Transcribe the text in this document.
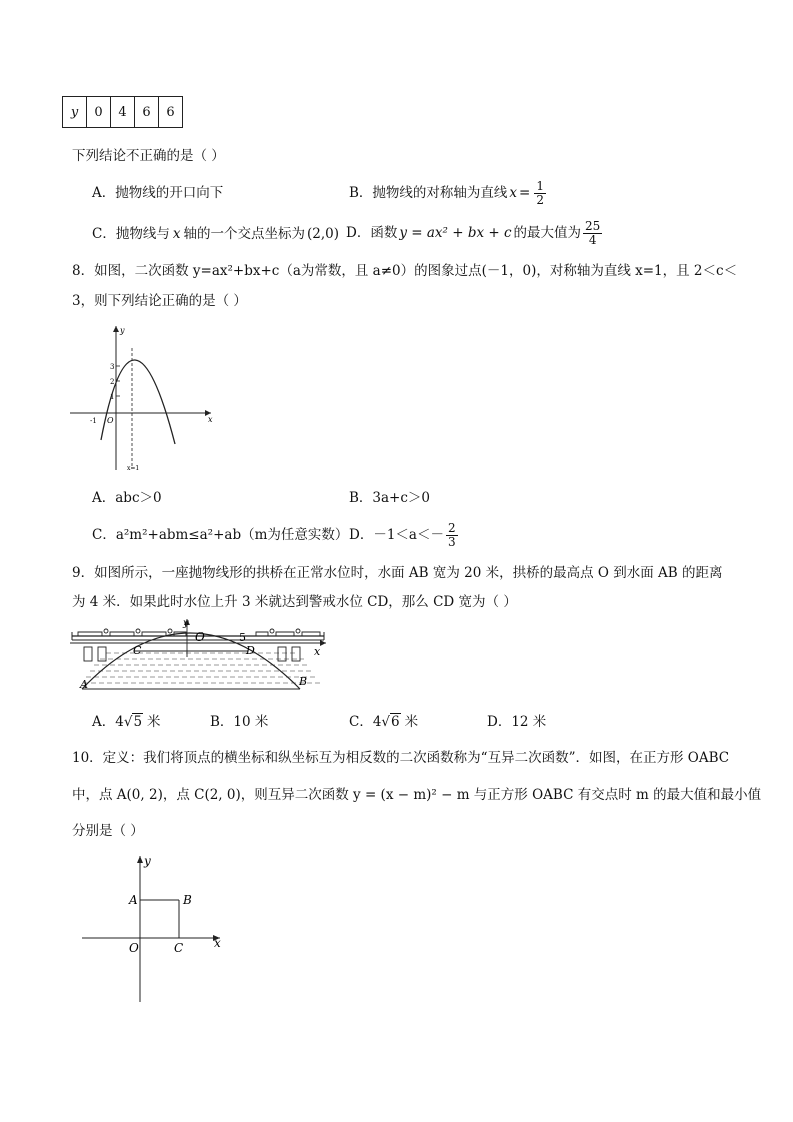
y	0	4	6	6
下列结论不正确的是（ ）
A．抛物线的开口向下	B．抛物线的对称轴为直线 $x = \frac{1}{2}$
C．抛物线与 x 轴的一个交点坐标为 (2,0) D．函数 y = ax² + bx + c 的最大值为 $\frac{25}{4}$
8．如图，二次函数 y=ax²+bx+c（a为常数，且 a≠0）的图象过点(－1，0)，对称轴为直线 x=1，且 2＜c＜
3，则下列结论正确的是（ ）
y
x
O
-1
1
2
3
x=1
A．abc＞0	B．3a+c＞0
C．a²m²+abm≤a²+ab（m为任意实数） D．$-1<a<- \frac{2}{3}$
9．如图所示，一座抛物线形的拱桥在正常水位时，水面 AB 宽为 20 米，拱桥的最高点 O 到水面 AB 的距离
为 4 米．如果此时水位上升 3 米就达到警戒水位 CD，那么 CD 宽为（ ）
y
O	5
x
C	D
A	B
A．4 √5 米	B．10 米	C．4 √6 米	D．12 米
10．定义：我们将顶点的横坐标和纵坐标互为相反数的二次函数称为“互异二次函数”．如图，在正方形 OABC
中，点 A(0, 2)，点 C(2, 0)，则互异二次函数 y = (x − m)² − m 与正方形 OABC 有交点时 m 的最大值和最小值
分别是（ ）
y
x
A	B
O	C
